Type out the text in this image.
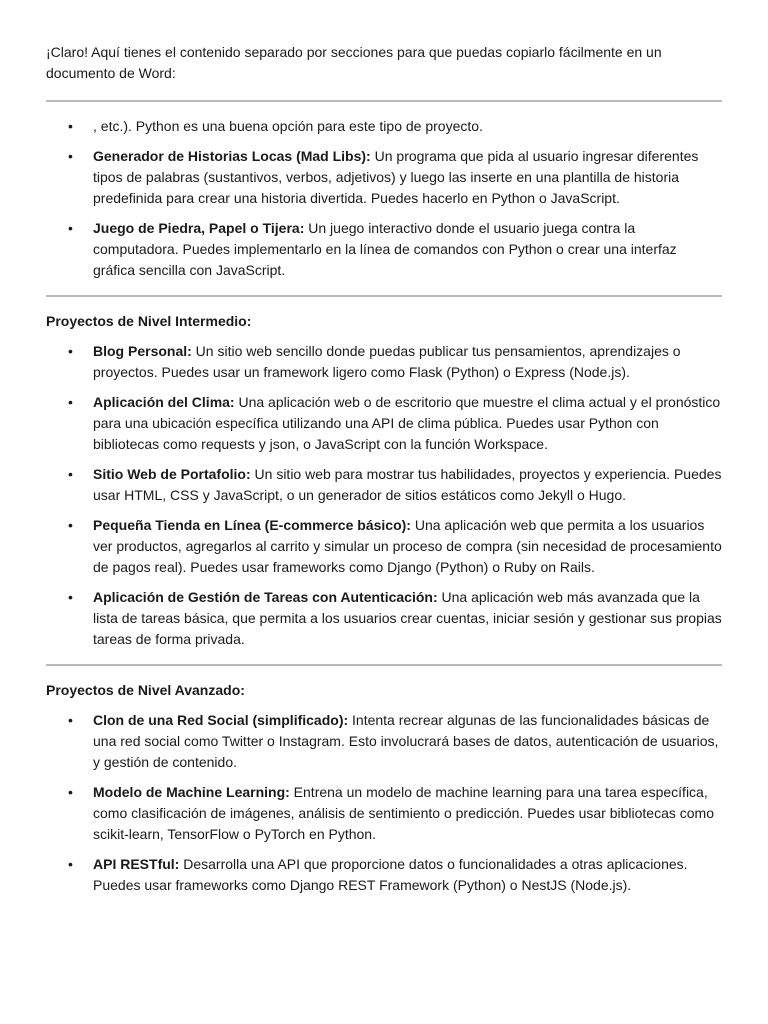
¡Claro! Aquí tienes el contenido separado por secciones para que puedas copiarlo fácilmente en un documento de Word:

• , etc.). Python es una buena opción para este tipo de proyecto.
• Generador de Historias Locas (Mad Libs): Un programa que pida al usuario ingresar diferentes tipos de palabras (sustantivos, verbos, adjetivos) y luego las inserte en una plantilla de historia predefinida para crear una historia divertida. Puedes hacerlo en Python o JavaScript.
• Juego de Piedra, Papel o Tijera: Un juego interactivo donde el usuario juega contra la computadora. Puedes implementarlo en la línea de comandos con Python o crear una interfaz gráfica sencilla con JavaScript.

Proyectos de Nivel Intermedio:

• Blog Personal: Un sitio web sencillo donde puedas publicar tus pensamientos, aprendizajes o proyectos. Puedes usar un framework ligero como Flask (Python) o Express (Node.js).
• Aplicación del Clima: Una aplicación web o de escritorio que muestre el clima actual y el pronóstico para una ubicación específica utilizando una API de clima pública. Puedes usar Python con bibliotecas como requests y json, o JavaScript con la función Workspace.
• Sitio Web de Portafolio: Un sitio web para mostrar tus habilidades, proyectos y experiencia. Puedes usar HTML, CSS y JavaScript, o un generador de sitios estáticos como Jekyll o Hugo.
• Pequeña Tienda en Línea (E-commerce básico): Una aplicación web que permita a los usuarios ver productos, agregarlos al carrito y simular un proceso de compra (sin necesidad de procesamiento de pagos real). Puedes usar frameworks como Django (Python) o Ruby on Rails.
• Aplicación de Gestión de Tareas con Autenticación: Una aplicación web más avanzada que la lista de tareas básica, que permita a los usuarios crear cuentas, iniciar sesión y gestionar sus propias tareas de forma privada.

Proyectos de Nivel Avanzado:

• Clon de una Red Social (simplificado): Intenta recrear algunas de las funcionalidades básicas de una red social como Twitter o Instagram. Esto involucrará bases de datos, autenticación de usuarios, y gestión de contenido.
• Modelo de Machine Learning: Entrena un modelo de machine learning para una tarea específica, como clasificación de imágenes, análisis de sentimiento o predicción. Puedes usar bibliotecas como scikit-learn, TensorFlow o PyTorch en Python.
• API RESTful: Desarrolla una API que proporcione datos o funcionalidades a otras aplicaciones. Puedes usar frameworks como Django REST Framework (Python) o NestJS (Node.js).
